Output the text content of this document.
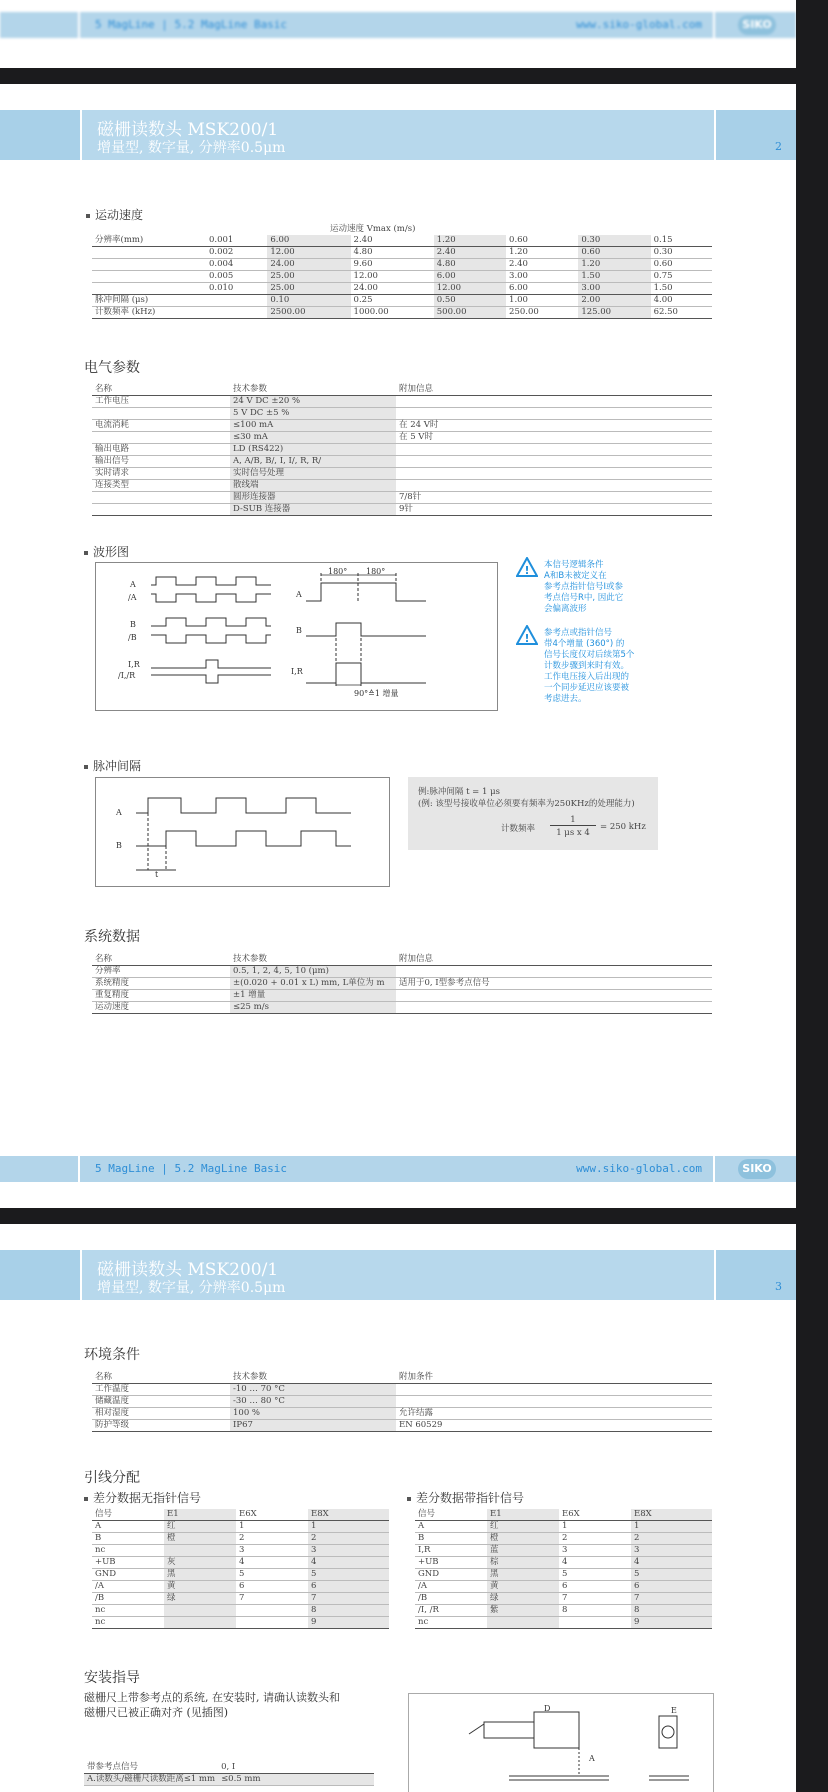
5 MagLine | 5.2 MagLine Basic	www.siko-global.com	SIKO
磁栅读数头 MSK200/1
增量型, 数字量, 分辨率0.5μm	2
运动速度
	运动速度 Vmax (m/s)						
分辨率(mm)	0.001	6.00	2.40	1.20	0.60	0.30	0.15
	0.002	12.00	4.80	2.40	1.20	0.60	0.30
	0.004	24.00	9.60	4.80	2.40	1.20	0.60
	0.005	25.00	12.00	6.00	3.00	1.50	0.75
	0.010	25.00	24.00	12.00	6.00	3.00	1.50
脉冲间隔 (μs)		0.10	0.25	0.50	1.00	2.00	4.00
计数频率 (kHz)		2500.00	1000.00	500.00	250.00	125.00	62.50
电气参数
名称	技术参数	附加信息
工作电压	24 V DC ±20 %	
	5 V DC ±5 %	
电流消耗	≤100 mA	在 24 V时
	≤30 mA	在 5 V时
输出电路	LD (RS422)	
输出信号	A, A/B, B/, I, I/, R, R/	
实时请求	实时信号处理	
连接类型	散线端	
	圆形连接器	7/8针
	D-SUB 连接器	9针
波形图
A
/A
B
/B
I,R
/I,/R
A
B
I,R
180° 180°
90°≙1 增量
! 本信号逻辑条件
A和B未被定义在
参考点指针信号I或参
考点信号R中, 因此它
会偏离波形
! 参考点或指针信号
带4个增量 (360°) 的
信号长度仅对后续第5个
计数步骤到来时有效。
工作电压接入后出现的
一个同步延迟应该要被
考虑进去。
脉冲间隔
A
B
t
例:脉冲间隔 t = 1 μs
(例: 该型号接收单位必须要有频率为250KHz的处理能力)
计数频率
1
1 μs x 4
= 250 kHz
系统数据
名称	技术参数	附加信息
分辨率	0.5, 1, 2, 4, 5, 10 (μm)	
系统精度	±(0.020 + 0.01 x L) mm, L单位为 m	适用于0, I型参考点信号
重复精度	±1 增量	
运动速度	≤25 m/s	
5 MagLine | 5.2 MagLine Basic	www.siko-global.com	SIKO
磁栅读数头 MSK200/1
增量型, 数字量, 分辨率0.5μm	3
环境条件
名称	技术参数	附加条件
工作温度	-10 … 70 °C	
储藏温度	-30 … 80 °C	
相对湿度	100 %	允许结露
防护等级	IP67	EN 60529
引线分配
差分数据无指针信号	差分数据带指针信号
信号	E1	E6X	E8X
A	红	1	1
B	橙	2	2
nc		3	3
+UB	灰	4	4
GND	黑	5	5
/A	黄	6	6
/B	绿	7	7
nc			8
nc			9
信号	E1	E6X	E8X
A	红	1	1
B	橙	2	2
I,R	蓝	3	3
+UB	棕	4	4
GND	黑	5	5
/A	黄	6	6
/B	绿	7	7
/I, /R	紫	8	8
nc			9
安装指导
磁栅尺上带参考点的系统, 在安装时, 请确认读数头和
磁栅尺已被正确对齐 (见插图)
带参考点信号	0, I
A.读数头/磁栅尺读数距离≤1 mm	≤0.5 mm
D	E
A
